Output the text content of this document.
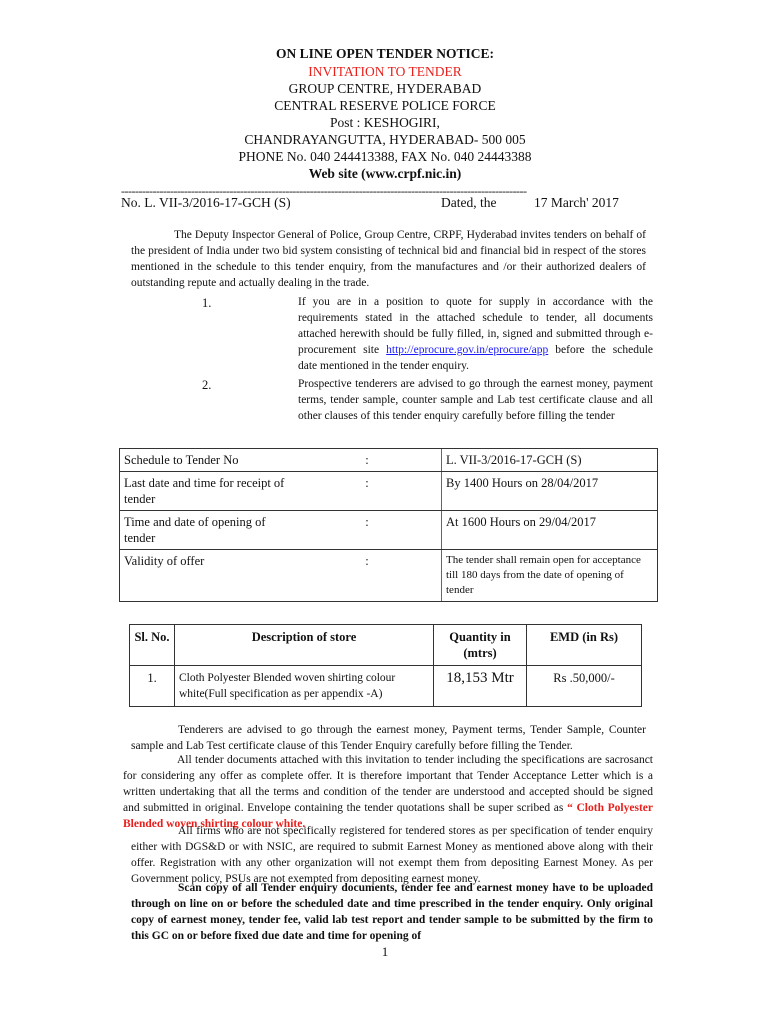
ON LINE OPEN TENDER NOTICE:
INVITATION TO TENDER
GROUP CENTRE, HYDERABAD
CENTRAL RESERVE POLICE FORCE
Post : KESHOGIRI,
CHANDRAYANGUTTA, HYDERABAD- 500 005
PHONE No. 040 244413388, FAX No. 040 24443388
Web site (www.crpf.nic.in)
--------------------------------------------------------------------------------------------------------------------
No. L. VII-3/2016-17-GCH (S)	Dated, the	17 March' 2017
The Deputy Inspector General of Police, Group Centre, CRPF, Hyderabad invites tenders on behalf of the president of India under two bid system consisting of technical bid and financial bid in respect of the stores mentioned in the schedule to this tender enquiry, from the manufactures and /or their authorized dealers of outstanding repute and actually dealing in the trade.
1.	If you are in a position to quote for supply in accordance with the requirements stated in the attached schedule to tender, all documents attached herewith should be fully filled, in, signed and submitted through e-procurement site http://eprocure.gov.in/eprocure/app before the schedule date mentioned in the tender enquiry.
2.	Prospective tenderers are advised to go through the earnest money, payment terms, tender sample, counter sample and Lab test certificate clause and all other clauses of this tender enquiry carefully before filling the tender
Schedule to Tender No	:	L. VII-3/2016-17-GCH (S)
Last date and time for receipt of tender	:	By 1400 Hours on 28/04/2017
Time and date of opening of tender	:	At 1600 Hours on 29/04/2017
Validity of offer	:	The tender shall remain open for acceptance till 180 days from the date of opening of tender
Sl. No.	Description of store	Quantity in (mtrs)	EMD (in Rs)
1.	Cloth Polyester Blended woven shirting colour white(Full specification as per appendix -A)	18,153 Mtr	Rs .50,000/-
Tenderers are advised to go through the earnest money, Payment terms, Tender Sample, Counter sample and Lab Test certificate clause of this Tender Enquiry carefully before filling the Tender.
All tender documents attached with this invitation to tender including the specifications are sacrosanct for considering any offer as complete offer. It is therefore important that Tender Acceptance Letter which is a written undertaking that all the terms and condition of the tender are understood and accepted should be signed and submitted in original. Envelope containing the tender quotations shall be super scribed as “ Cloth Polyester Blended woven shirting colour white.
All firms who are not specifically registered for tendered stores as per specification of tender enquiry either with DGS&D or with NSIC, are required to submit Earnest Money as mentioned above along with their offer. Registration with any other organization will not exempt them from depositing Earnest Money. As per Government policy, PSUs are not exempted from depositing earnest money.
Scan copy of all Tender enquiry documents, tender fee and earnest money have to be uploaded through on line on or before the scheduled date and time prescribed in the tender enquiry. Only original copy of earnest money, tender fee, valid lab test report and tender sample to be submitted by the firm to this GC on or before fixed due date and time for opening of
1
